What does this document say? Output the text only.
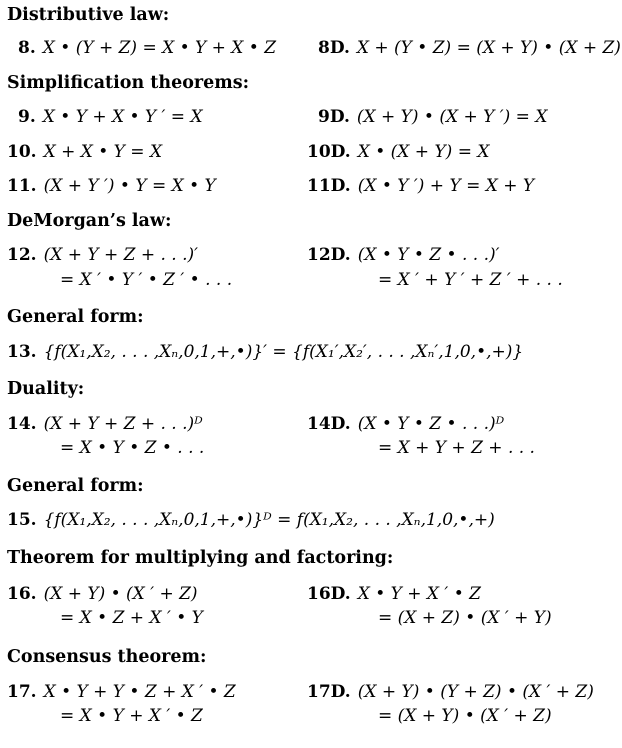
Distributive law:
8. X • (Y + Z) = X • Y + X • Z 8D. X + (Y • Z) = (X + Y) • (X + Z)
Simplification theorems:
9. X • Y + X • Y ′ = X	9D. (X + Y) • (X + Y ′) = X
10. X + X • Y = X	10D. X • (X + Y) = X
11. (X + Y ′) • Y = X • Y	11D. (X • Y ′) + Y = X + Y
DeMorgan’s law:
12. (X + Y + Z + . . .)′
= X ′ • Y ′ • Z ′ • . . .
12D. (X • Y • Z • . . .)′
= X ′ + Y ′ + Z ′ + . . .
General form:
13. {f(X₁,X₂, . . . ,Xₙ,0,1,+,•)}′ = {f(X₁′,X₂′, . . . ,Xₙ′,1,0,•,+)}
Duality:
14. (X + Y + Z + . . .)ᴰ
= X • Y • Z • . . .
14D. (X • Y • Z • . . .)ᴰ
= X + Y + Z + . . .
General form:
15. {f(X₁,X₂, . . . ,Xₙ,0,1,+,•)}ᴰ = f(X₁,X₂, . . . ,Xₙ,1,0,•,+)
Theorem for multiplying and factoring:
16. (X + Y) • (X ′ + Z)
= X • Z + X ′ • Y
16D. X • Y + X ′ • Z
= (X + Z) • (X ′ + Y)
Consensus theorem:
17. X • Y + Y • Z + X ′ • Z
= X • Y + X ′ • Z
17D. (X + Y) • (Y + Z) • (X ′ + Z)
= (X + Y) • (X ′ + Z)
